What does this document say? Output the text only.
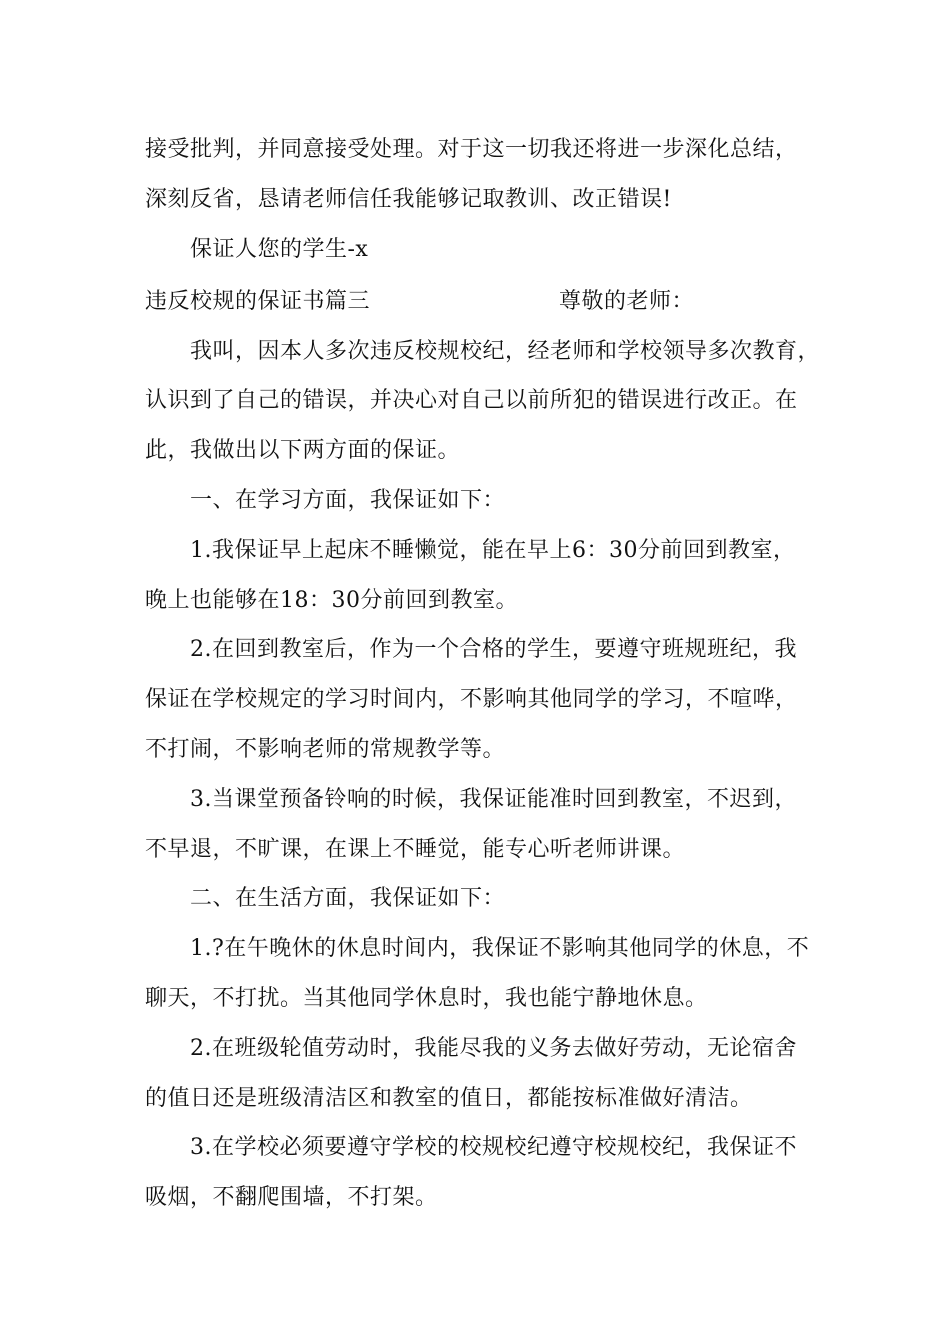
接受批判，并同意接受处理。对于这一切我还将进一步深化总结，
深刻反省，恳请老师信任我能够记取教训、改正错误!
保证人您的学生-x
违反校规的保证书篇三	尊敬的老师：
我叫，因本人多次违反校规校纪，经老师和学校领导多次教育，
认识到了自己的错误，并决心对自己以前所犯的错误进行改正。在
此，我做出以下两方面的保证。
一、在学习方面，我保证如下：
1.我保证早上起床不睡懒觉，能在早上6：30分前回到教室，
晚上也能够在18：30分前回到教室。
2.在回到教室后，作为一个合格的学生，要遵守班规班纪，我
保证在学校规定的学习时间内，不影响其他同学的学习，不喧哗，
不打闹，不影响老师的常规教学等。
3.当课堂预备铃响的时候，我保证能准时回到教室，不迟到，
不早退，不旷课，在课上不睡觉，能专心听老师讲课。
二、在生活方面，我保证如下：
1.?在午晚休的休息时间内，我保证不影响其他同学的休息，不
聊天，不打扰。当其他同学休息时，我也能宁静地休息。
2.在班级轮值劳动时，我能尽我的义务去做好劳动，无论宿舍
的值日还是班级清洁区和教室的值日，都能按标准做好清洁。
3.在学校必须要遵守学校的校规校纪遵守校规校纪，我保证不
吸烟，不翻爬围墙，不打架。
